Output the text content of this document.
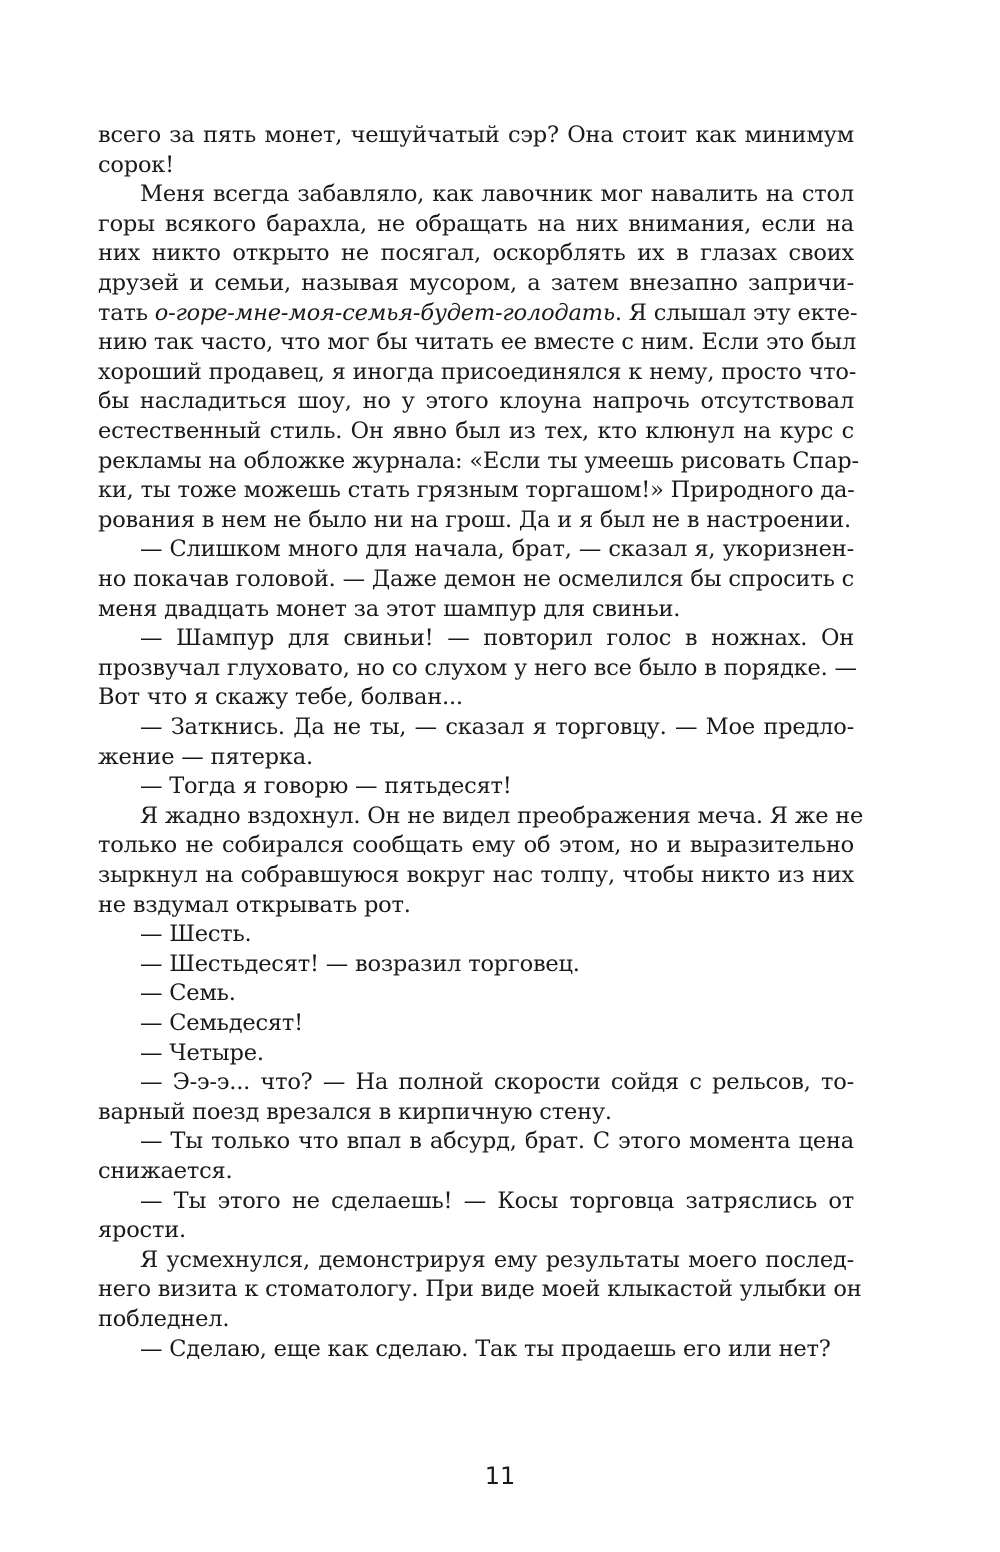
всего за пять монет, чешуйчатый сэр? Она стоит как минимум
сорок!
Меня всегда забавляло, как лавочник мог навалить на стол
горы всякого барахла, не обращать на них внимания, если на
них никто открыто не посягал, оскорблять их в глазах своих
друзей и семьи, называя мусором, а затем внезапно запричи-
тать о-горе-мне-моя-семья-будет-голодать. Я слышал эту екте-
нию так часто, что мог бы читать ее вместе с ним. Если это был
хороший продавец, я иногда присоединялся к нему, просто что-
бы насладиться шоу, но у этого клоуна напрочь отсутствовал
естественный стиль. Он явно был из тех, кто клюнул на курс с
рекламы на обложке журнала: «Если ты умеешь рисовать Спар-
ки, ты тоже можешь стать грязным торгашом!» Природного да-
рования в нем не было ни на грош. Да и я был не в настроении.
— Слишком много для начала, брат, — сказал я, укоризнен-
но покачав головой. — Даже демон не осмелился бы спросить с
меня двадцать монет за этот шампур для свиньи.
— Шампур для свиньи! — повторил голос в ножнах. Он
прозвучал глуховато, но со слухом у него все было в порядке. —
Вот что я скажу тебе, болван...
— Заткнись. Да не ты, — сказал я торговцу. — Мое предло-
жение — пятерка.
— Тогда я говорю — пятьдесят!
Я жадно вздохнул. Он не видел преображения меча. Я же не
только не собирался сообщать ему об этом, но и выразительно
зыркнул на собравшуюся вокруг нас толпу, чтобы никто из них
не вздумал открывать рот.
— Шесть.
— Шестьдесят! — возразил торговец.
— Семь.
— Семьдесят!
— Четыре.
— Э-э-э... что? — На полной скорости сойдя с рельсов, то-
варный поезд врезался в кирпичную стену.
— Ты только что впал в абсурд, брат. С этого момента цена
снижается.
— Ты этого не сделаешь! — Косы торговца затряслись от
ярости.
Я усмехнулся, демонстрируя ему результаты моего послед-
него визита к стоматологу. При виде моей клыкастой улыбки он
побледнел.
— Сделаю, еще как сделаю. Так ты продаешь его или нет?
11
